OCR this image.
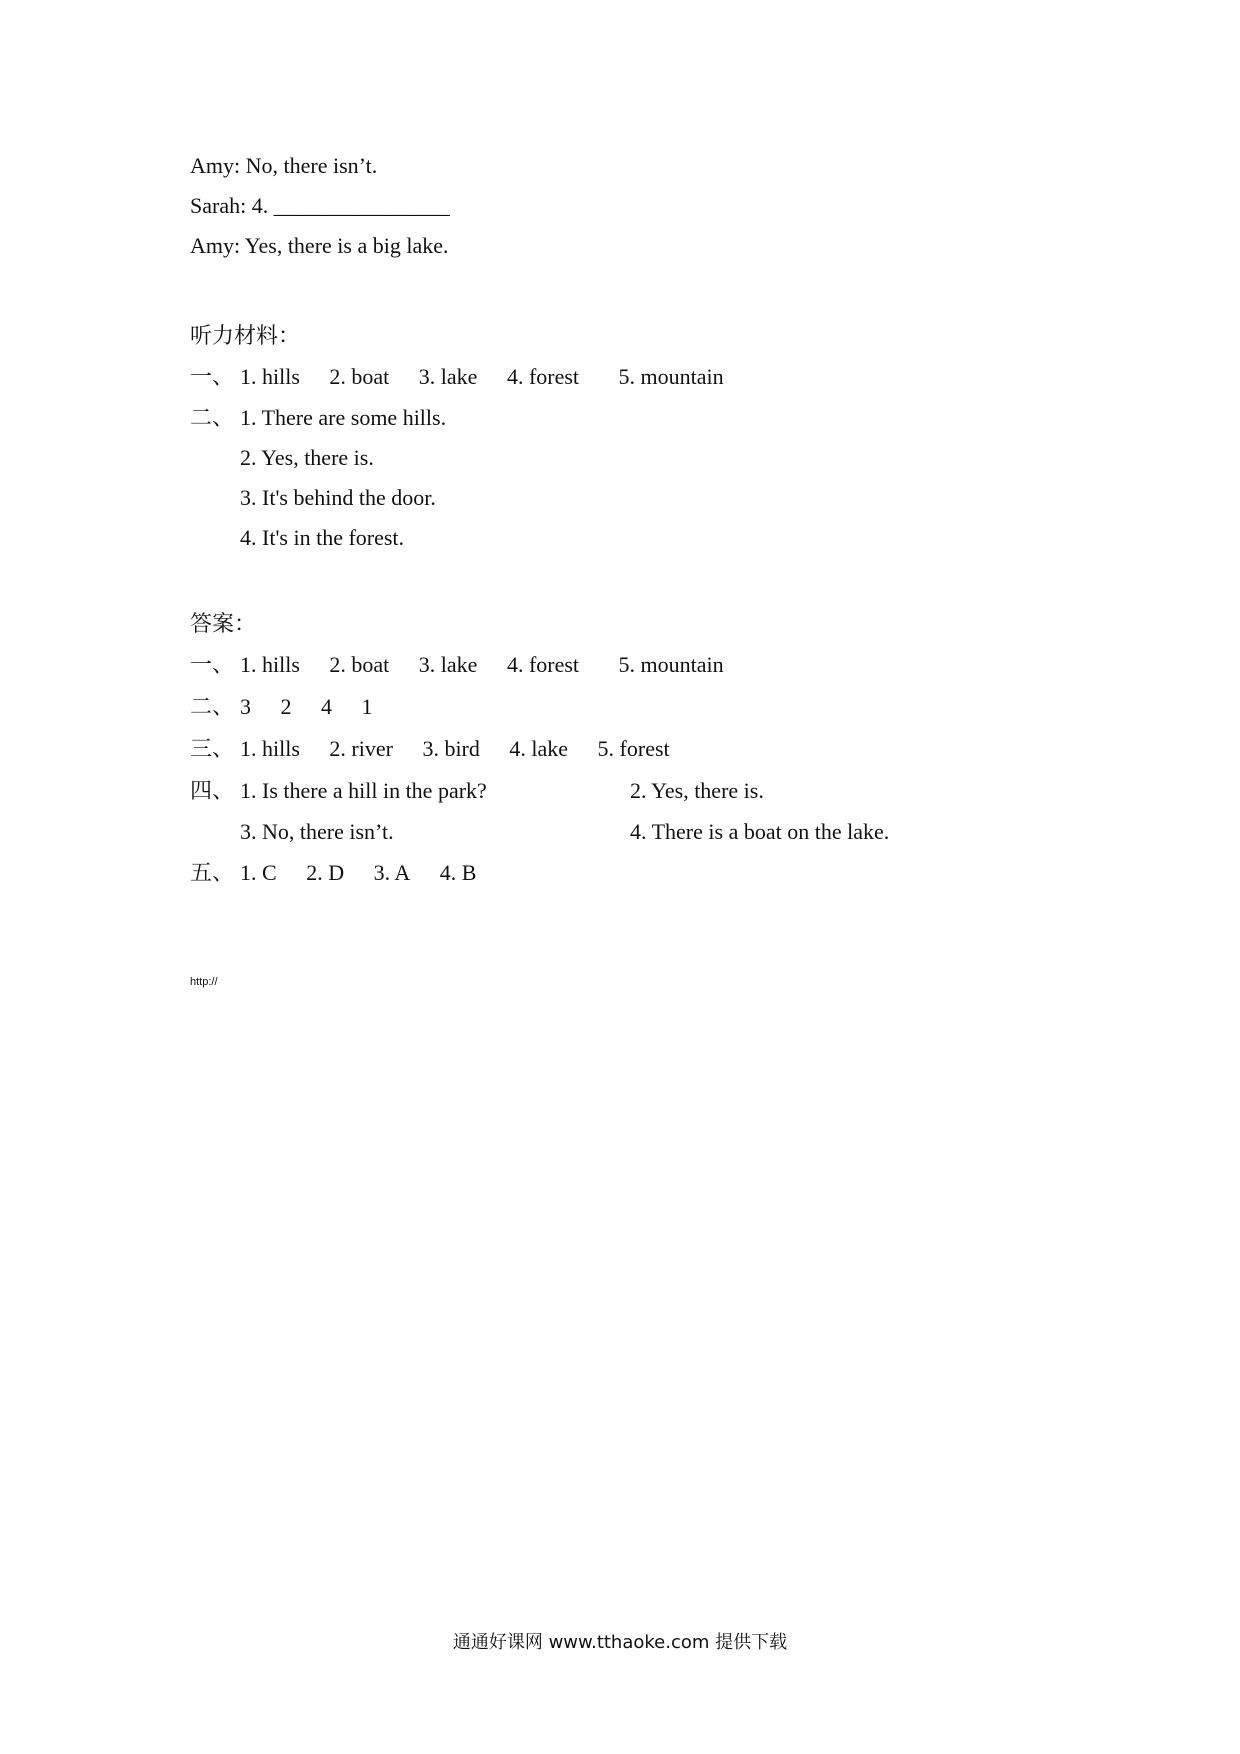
Amy: No, there isn’t.
Sarah: 4. ________________
Amy: Yes, there is a big lake.
听力材料：
一、 1. hills 2. boat 3. lake 4. forest 5. mountain
二、 1. There are some hills.
2. Yes, there is.
3. It's behind the door.
4. It's in the forest.
答案：
一、 1. hills 2. boat 3. lake 4. forest 5. mountain
二、 3 2 4 1
三、 1. hills 2. river 3. bird 4. lake 5. forest
四、 1. Is there a hill in the park?	2. Yes, there is.
3. No, there isn’t.	4. There is a boat on the lake.
五、 1. C 2. D 3. A 4. B
http://
通通好课网 www.tthaoke.com 提供下载
